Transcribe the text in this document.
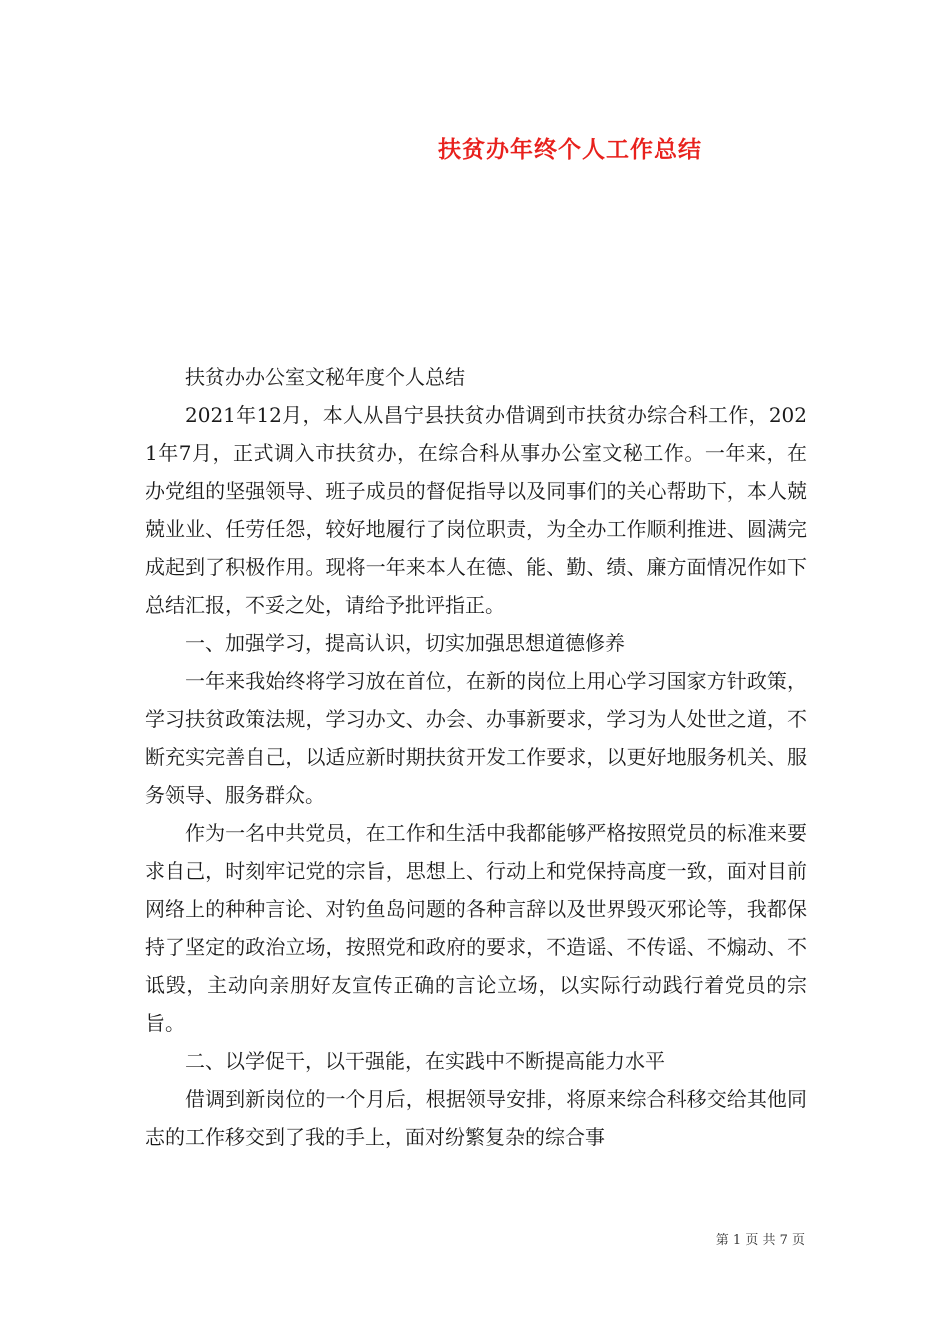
扶贫办年终个人工作总结

扶贫办办公室文秘年度个人总结

2021年12月，本人从昌宁县扶贫办借调到市扶贫办综合科工作，2021年7月，正式调入市扶贫办，在综合科从事办公室文秘工作。一年来，在办党组的坚强领导、班子成员的督促指导以及同事们的关心帮助下，本人兢兢业业、任劳任怨，较好地履行了岗位职责，为全办工作顺利推进、圆满完成起到了积极作用。现将一年来本人在德、能、勤、绩、廉方面情况作如下总结汇报，不妥之处，请给予批评指正。

一、加强学习，提高认识，切实加强思想道德修养

一年来我始终将学习放在首位，在新的岗位上用心学习国家方针政策，学习扶贫政策法规，学习办文、办会、办事新要求，学习为人处世之道，不断充实完善自己，以适应新时期扶贫开发工作要求，以更好地服务机关、服务领导、服务群众。

作为一名中共党员，在工作和生活中我都能够严格按照党员的标准来要求自己，时刻牢记党的宗旨，思想上、行动上和党保持高度一致，面对目前网络上的种种言论、对钓鱼岛问题的各种言辞以及世界毁灭邪论等，我都保持了坚定的政治立场，按照党和政府的要求，不造谣、不传谣、不煽动、不诋毁，主动向亲朋好友宣传正确的言论立场，以实际行动践行着党员的宗旨。

二、以学促干，以干强能，在实践中不断提高能力水平

借调到新岗位的一个月后，根据领导安排，将原来综合科移交给其他同志的工作移交到了我的手上，面对纷繁复杂的综合事

第 1 页 共 7 页
